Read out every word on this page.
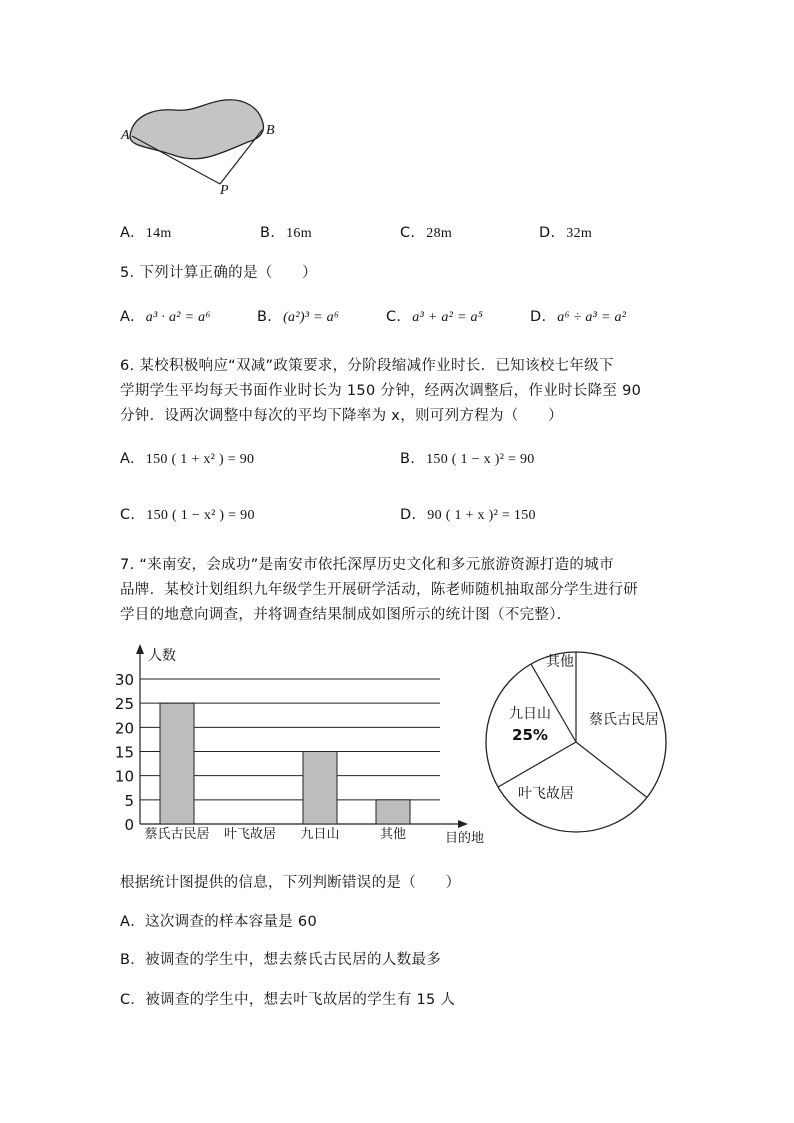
A	B
P
A. 14m	B. 16m	C. 28m	D. 32m
5. 下列计算正确的是（　　）
A. a³ · a² = a⁶	B. (a²)³ = a⁶	C. a³ + a² = a⁵	D. a⁶ ÷ a³ = a²
6. 某校积极响应“双减”政策要求，分阶段缩减作业时长．已知该校七年级下
学期学生平均每天书面作业时长为 150 分钟，经两次调整后，作业时长降至 90
分钟．设两次调整中每次的平均下降率为 x，则可列方程为（　　）
A. 150 ( 1 + x² ) = 90	B. 150 ( 1 − x )² = 90
C. 150 ( 1 − x² ) = 90	D. 90 ( 1 + x )² = 150
7. “来南安，会成功”是南安市依托深厚历史文化和多元旅游资源打造的城市
品牌．某校计划组织九年级学生开展研学活动，陈老师随机抽取部分学生进行研
学目的地意向调查，并将调查结果制成如图所示的统计图（不完整）．
0
5
10
15
20
25
30
人数
目的地
蔡氏古民居 叶飞故居 九日山	其他
其他
蔡氏古民居
叶飞故居
九日山
25%
根据统计图提供的信息，下列判断错误的是（　　）
A．这次调查的样本容量是 60
B．被调查的学生中，想去蔡氏古民居的人数最多
C．被调查的学生中，想去叶飞故居的学生有 15 人
